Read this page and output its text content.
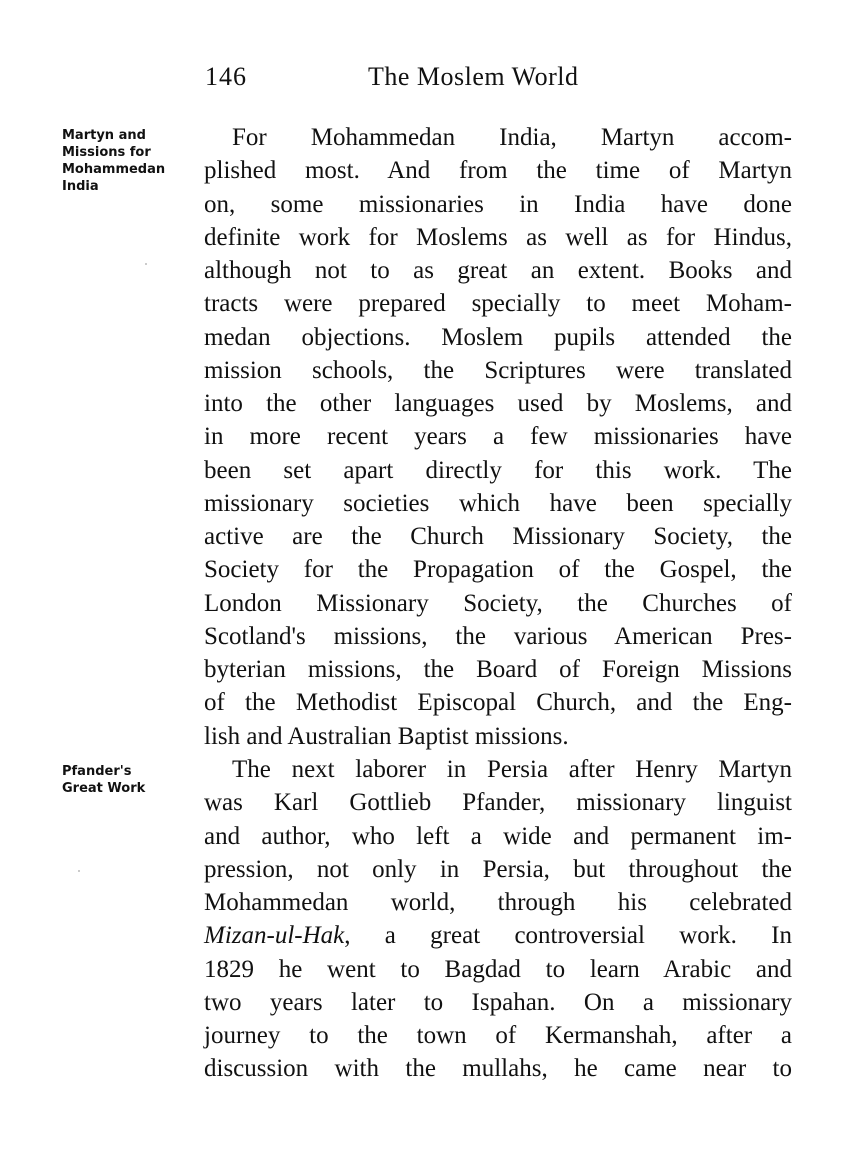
146	The Moslem World
Martyn and
Missions for
Mohammedan
India
Pfander's
Great Work
For Mohammedan India, Martyn accom-
plished most. And from the time of Martyn
on, some missionaries in India have done
definite work for Moslems as well as for Hindus,
although not to as great an extent. Books and
tracts were prepared specially to meet Moham-
medan objections. Moslem pupils attended the
mission schools, the Scriptures were translated
into the other languages used by Moslems, and
in more recent years a few missionaries have
been set apart directly for this work. The
missionary societies which have been specially
active are the Church Missionary Society, the
Society for the Propagation of the Gospel, the
London Missionary Society, the Churches of
Scotland's missions, the various American Pres-
byterian missions, the Board of Foreign Missions
of the Methodist Episcopal Church, and the Eng-
lish and Australian Baptist missions.
The next laborer in Persia after Henry Martyn
was Karl Gottlieb Pfander, missionary linguist
and author, who left a wide and permanent im-
pression, not only in Persia, but throughout the
Mohammedan world, through his celebrated
Mizan-ul-Hak, a great controversial work. In
1829 he went to Bagdad to learn Arabic and
two years later to Ispahan. On a missionary
journey to the town of Kermanshah, after a
discussion with the mullahs, he came near to
